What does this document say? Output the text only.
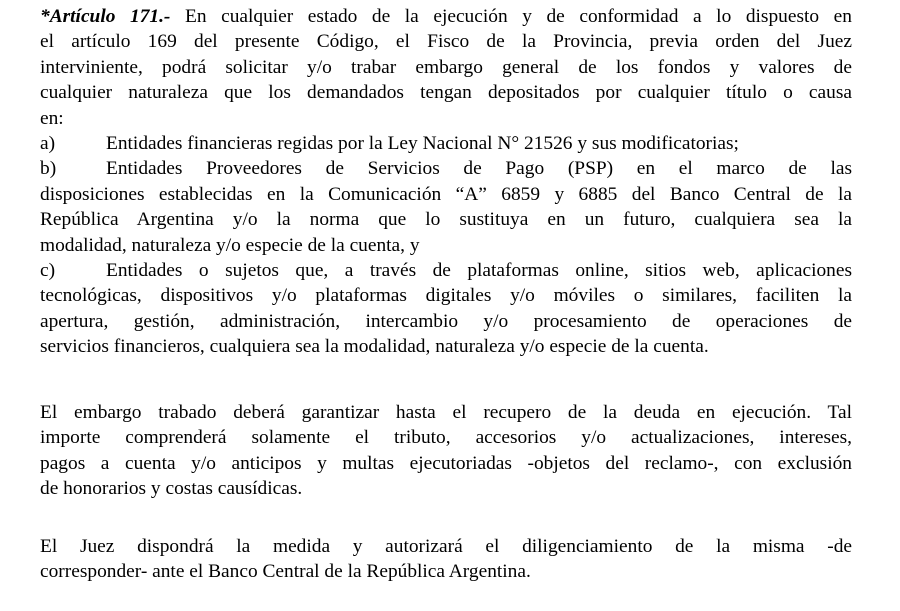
*Artículo 171.- En cualquier estado de la ejecución y de conformidad a lo dispuesto en
el artículo 169 del presente Código, el Fisco de la Provincia, previa orden del Juez
interviniente, podrá solicitar y/o trabar embargo general de los fondos y valores de
cualquier naturaleza que los demandados tengan depositados por cualquier título o causa
en:
a)	Entidades financieras regidas por la Ley Nacional N° 21526 y sus modificatorias;
b)	Entidades Proveedores de Servicios de Pago (PSP) en el marco de las
disposiciones establecidas en la Comunicación “A” 6859 y 6885 del Banco Central de la
República Argentina y/o la norma que lo sustituya en un futuro, cualquiera sea la
modalidad, naturaleza y/o especie de la cuenta, y
c)	Entidades o sujetos que, a través de plataformas online, sitios web, aplicaciones
tecnológicas, dispositivos y/o plataformas digitales y/o móviles o similares, faciliten la
apertura, gestión, administración, intercambio y/o procesamiento de operaciones de
servicios financieros, cualquiera sea la modalidad, naturaleza y/o especie de la cuenta.
El embargo trabado deberá garantizar hasta el recupero de la deuda en ejecución. Tal
importe comprenderá solamente el tributo, accesorios y/o actualizaciones, intereses,
pagos a cuenta y/o anticipos y multas ejecutoriadas -objetos del reclamo-, con exclusión
de honorarios y costas causídicas.
El Juez dispondrá la medida y autorizará el diligenciamiento de la misma -de
corresponder- ante el Banco Central de la República Argentina.
